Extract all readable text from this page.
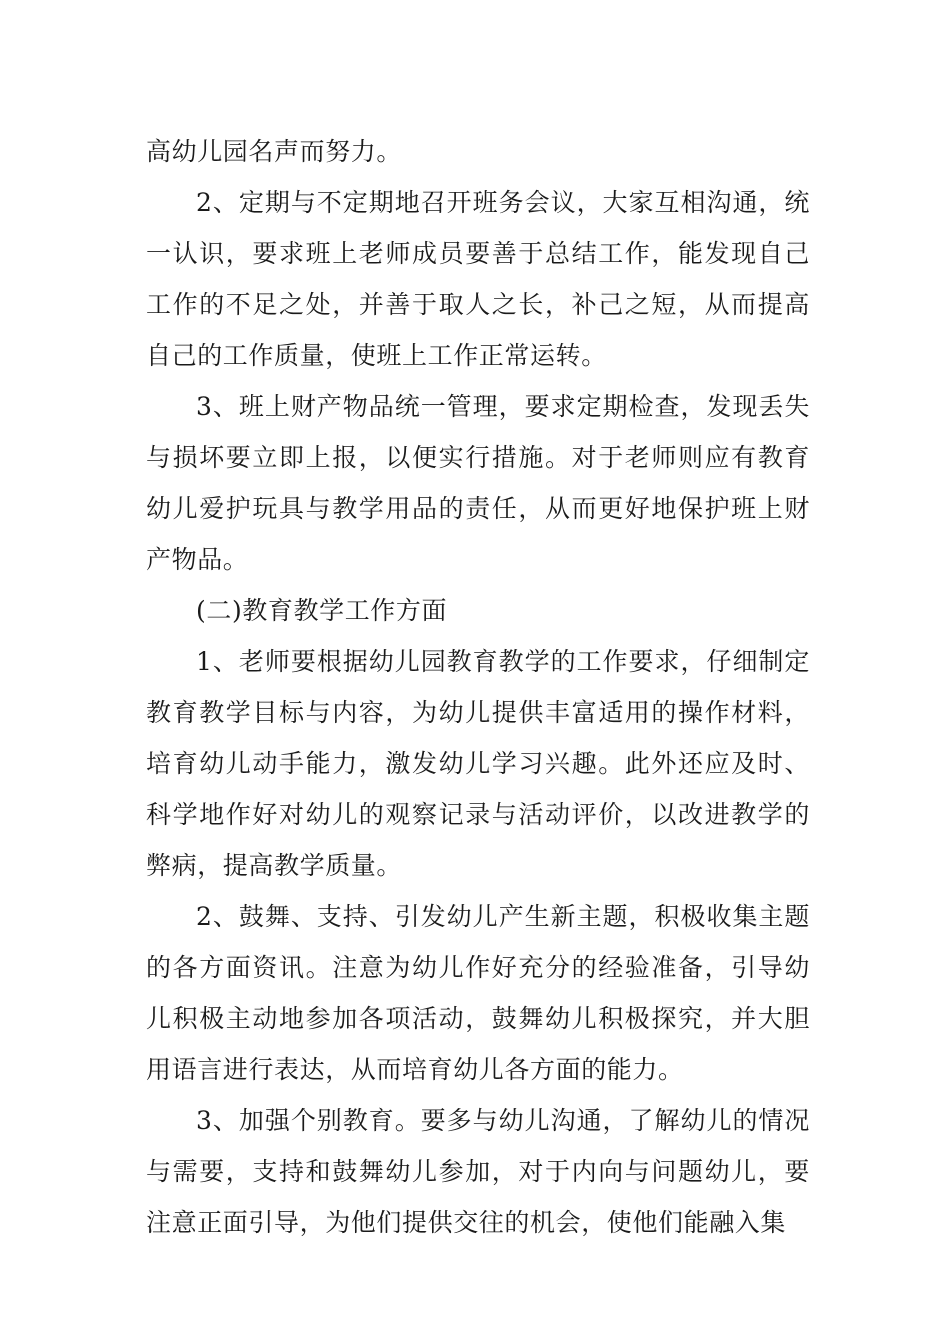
高幼儿园名声而努力。

2、定期与不定期地召开班务会议，大家互相沟通，统一认识，要求班上老师成员要善于总结工作，能发现自己工作的不足之处，并善于取人之长，补己之短，从而提高自己的工作质量，使班上工作正常运转。

3、班上财产物品统一管理，要求定期检查，发现丢失与损坏要立即上报，以便实行措施。对于老师则应有教育幼儿爱护玩具与教学用品的责任，从而更好地保护班上财产物品。

(二)教育教学工作方面

1、老师要根据幼儿园教育教学的工作要求，仔细制定教育教学目标与内容，为幼儿提供丰富适用的操作材料，培育幼儿动手能力，激发幼儿学习兴趣。此外还应及时、科学地作好对幼儿的观察记录与活动评价，以改进教学的弊病，提高教学质量。

2、鼓舞、支持、引发幼儿产生新主题，积极收集主题的各方面资讯。注意为幼儿作好充分的经验准备，引导幼儿积极主动地参加各项活动，鼓舞幼儿积极探究，并大胆用语言进行表达，从而培育幼儿各方面的能力。

3、加强个别教育。要多与幼儿沟通，了解幼儿的情况与需要，支持和鼓舞幼儿参加，对于内向与问题幼儿，要注意正面引导，为他们提供交往的机会，使他们能融入集
